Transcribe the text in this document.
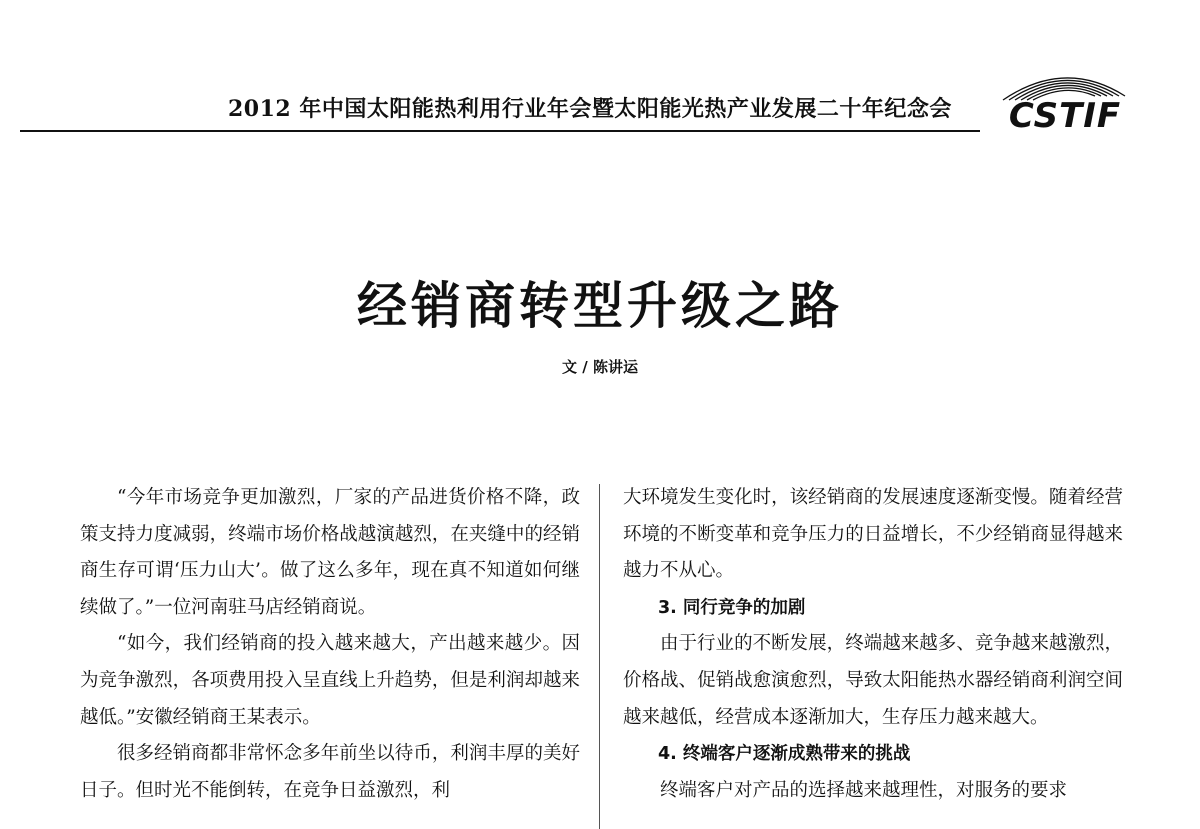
2012 年中国太阳能热利用行业年会暨太阳能光热产业发展二十年纪念会	CSTIF
经销商转型升级之路
文 / 陈讲运

“今年市场竞争更加激烈，厂家的产品进货价格不降，政策支持力度减弱，终端市场价格战越演越烈，在夹缝中的经销商生存可谓‘压力山大’。做了这么多年，现在真不知道如何继续做了。”一位河南驻马店经销商说。

“如今，我们经销商的投入越来越大，产出越来越少。因为竞争激烈，各项费用投入呈直线上升趋势，但是利润却越来越低。”安徽经销商王某表示。

很多经销商都非常怀念多年前坐以待币，利润丰厚的美好日子。但时光不能倒转，在竞争日益激烈，利

大环境发生变化时，该经销商的发展速度逐渐变慢。随着经营环境的不断变革和竞争压力的日益增长，不少经销商显得越来越力不从心。

3. 同行竞争的加剧

由于行业的不断发展，终端越来越多、竞争越来越激烈，价格战、促销战愈演愈烈，导致太阳能热水器经销商利润空间越来越低，经营成本逐渐加大，生存压力越来越大。

4. 终端客户逐渐成熟带来的挑战

终端客户对产品的选择越来越理性，对服务的要求
